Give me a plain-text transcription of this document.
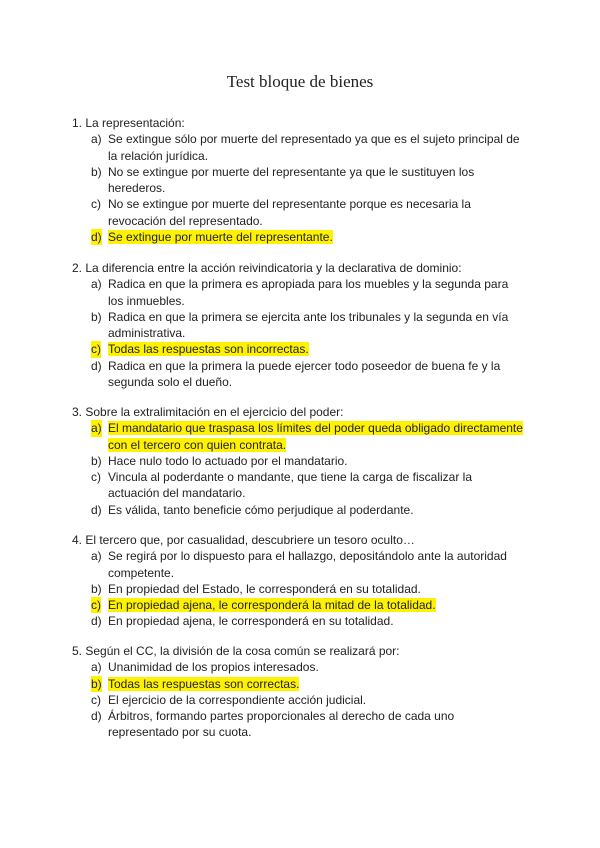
Test bloque de bienes
1. La representación:
a) Se extingue sólo por muerte del representado ya que es el sujeto principal de
la relación jurídica.
b) No se extingue por muerte del representante ya que le sustituyen los
herederos.
c) No se extingue por muerte del representante porque es necesaria la
revocación del representado.
d) Se extingue por muerte del representante.
2. La diferencia entre la acción reivindicatoria y la declarativa de dominio:
a) Radica en que la primera es apropiada para los muebles y la segunda para
los inmuebles.
b) Radica en que la primera se ejercita ante los tribunales y la segunda en vía
administrativa.
c) Todas las respuestas son incorrectas.
d) Radica en que la primera la puede ejercer todo poseedor de buena fe y la
segunda solo el dueño.
3. Sobre la extralimitación en el ejercicio del poder:
a) El mandatario que traspasa los límites del poder queda obligado directamente
con el tercero con quien contrata.
b) Hace nulo todo lo actuado por el mandatario.
c) Vincula al poderdante o mandante, que tiene la carga de fiscalizar la
actuación del mandatario.
d) Es válida, tanto beneficie cómo perjudique al poderdante.
4. El tercero que, por casualidad, descubriere un tesoro oculto…
a) Se regirá por lo dispuesto para el hallazgo, depositándolo ante la autoridad
competente.
b) En propiedad del Estado, le corresponderá en su totalidad.
c) En propiedad ajena, le corresponderá la mitad de la totalidad.
d) En propiedad ajena, le corresponderá en su totalidad.
5. Según el CC, la división de la cosa común se realizará por:
a) Unanimidad de los propios interesados.
b) Todas las respuestas son correctas.
c) El ejercicio de la correspondiente acción judicial.
d) Árbitros, formando partes proporcionales al derecho de cada uno
representado por su cuota.
